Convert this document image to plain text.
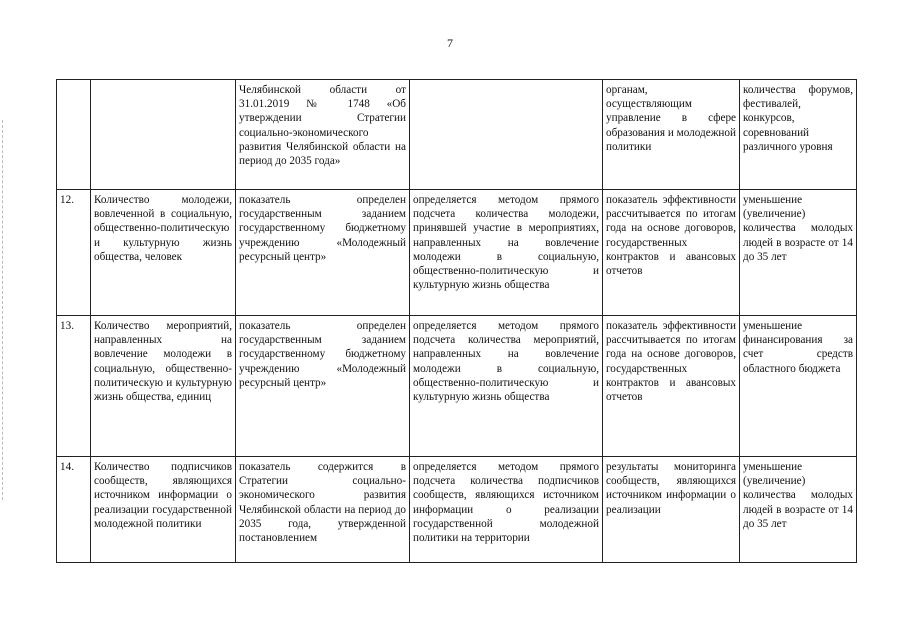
7
		Челябинской области от 31.01.2019 № 1748 «Об утверждении Стратегии социально-экономического развития Челябинской области на период до 2035 года»		органам, осуществляющим управление в сфере образования и молодежной политики	количества форумов, фестивалей, конкурсов, соревнований различного уровня
12.	Количество молодежи, вовлеченной в социальную, общественно-политическую и культурную жизнь общества, человек	показатель определен государственным заданием государственному бюджетному учреждению «Молодежный ресурсный центр»	определяется методом прямого подсчета количества молодежи, принявшей участие в мероприятиях, направленных на вовлечение молодежи в социальную, общественно-политическую и культурную жизнь общества	показатель эффективности рассчитывается по итогам года на основе договоров, государственных контрактов и авансовых отчетов	уменьшение (увеличение) количества молодых людей в возрасте от 14 до 35 лет
13.	Количество мероприятий, направленных на вовлечение молодежи в социальную, общественно-политическую и культурную жизнь общества, единиц	показатель определен государственным заданием государственному бюджетному учреждению «Молодежный ресурсный центр»	определяется методом прямого подсчета количества мероприятий, направленных на вовлечение молодежи в социальную, общественно-политическую и культурную жизнь общества	показатель эффективности рассчитывается по итогам года на основе договоров, государственных контрактов и авансовых отчетов	уменьшение финансирования за счет средств областного бюджета
14.	Количество подписчиков сообществ, являющихся источником информации о реализации государственной молодежной политики	показатель содержится в Стратегии социально-экономического развития Челябинской области на период до 2035 года, утвержденной постановлением	определяется методом прямого подсчета количества подписчиков сообществ, являющихся источником информации о реализации государственной молодежной политики на территории	результаты мониторинга сообществ, являющихся источником информации о реализации	уменьшение (увеличение) количества молодых людей в возрасте от 14 до 35 лет
